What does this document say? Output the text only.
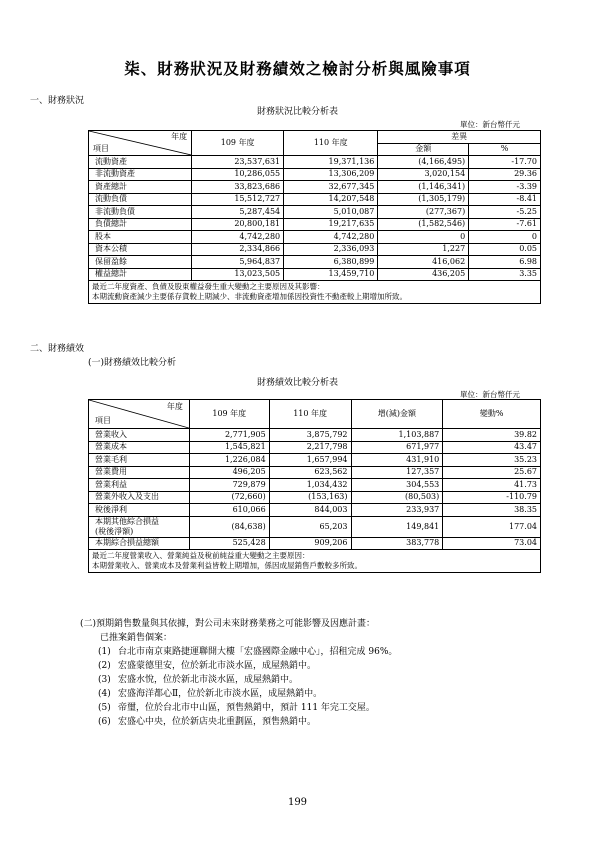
柒、財務狀況及財務績效之檢討分析與風險事項
一、財務狀況
財務狀況比較分析表
單位：新台幣仟元
年度
項目	109 年度	110 年度	差異	
			金額	%
流動資產	23,537,631	19,371,136	(4,166,495)	-17.70
非流動資產	10,286,055	13,306,209	3,020,154	29.36
資產總計	33,823,686	32,677,345	(1,146,341)	-3.39
流動負債	15,512,727	14,207,548	(1,305,179)	-8.41
非流動負債	5,287,454	5,010,087	(277,367)	-5.25
負債總計	20,800,181	19,217,635	(1,582,546)	-7.61
股本	4,742,280	4,742,280	0	0
資本公積	2,334,866	2,336,093	1,227	0.05
保留盈餘	5,964,837	6,380,899	416,062	6.98
權益總計	13,023,505	13,459,710	436,205	3.35

最近二年度資產、負債及股東權益發生重大變動之主要原因及其影響：
本期流動資產減少主要係存貨較上期減少、非流動資產增加係因投資性不動產較上期增加所致。				
二、財務績效
(一)財務績效比較分析
財務績效比較分析表
單位：新台幣仟元
年度
項目	109 年度	110 年度	增(減)金額	變動%

營業收入	2,771,905	3,875,792	1,103,887	39.82

營業成本	1,545,821	2,217,798	671,977	43.47

營業毛利	1,226,084	1,657,994	431,910	35.23

營業費用	496,205	623,562	127,357	25.67

營業利益	729,879	1,034,432	304,553	41.73

營業外收入及支出	(72,660)	(153,163)	(80,503)	-110.79

稅後淨利	610,066	844,003	233,937	38.35

本期其他綜合損益
(稅後淨額)	(84,638)	65,203	149,841	177.04

本期綜合損益總額	525,428	909,206	383,778	73.04

最近二年度營業收入、營業純益及稅前純益重大變動之主要原因：
本期營業收入、營業成本及營業利益皆較上期增加，係因成屋銷售戶數較多所致。				
(二)預期銷售數量與其依據，對公司未來財務業務之可能影響及因應計畫：
已推案銷售個案：
(1) 台北市南京東路捷運聯開大樓「宏盛國際金融中心」，招租完成 96%。
(2) 宏盛蒙德里安，位於新北市淡水區，成屋熱銷中。
(3) 宏盛水悅，位於新北市淡水區，成屋熱銷中。
(4) 宏盛海洋都心Ⅱ，位於新北市淡水區，成屋熱銷中。
(5) 帝璽，位於台北市中山區，預售熱銷中，預計 111 年完工交屋。
(6) 宏盛心中央，位於新店央北重劃區，預售熱銷中。
199
